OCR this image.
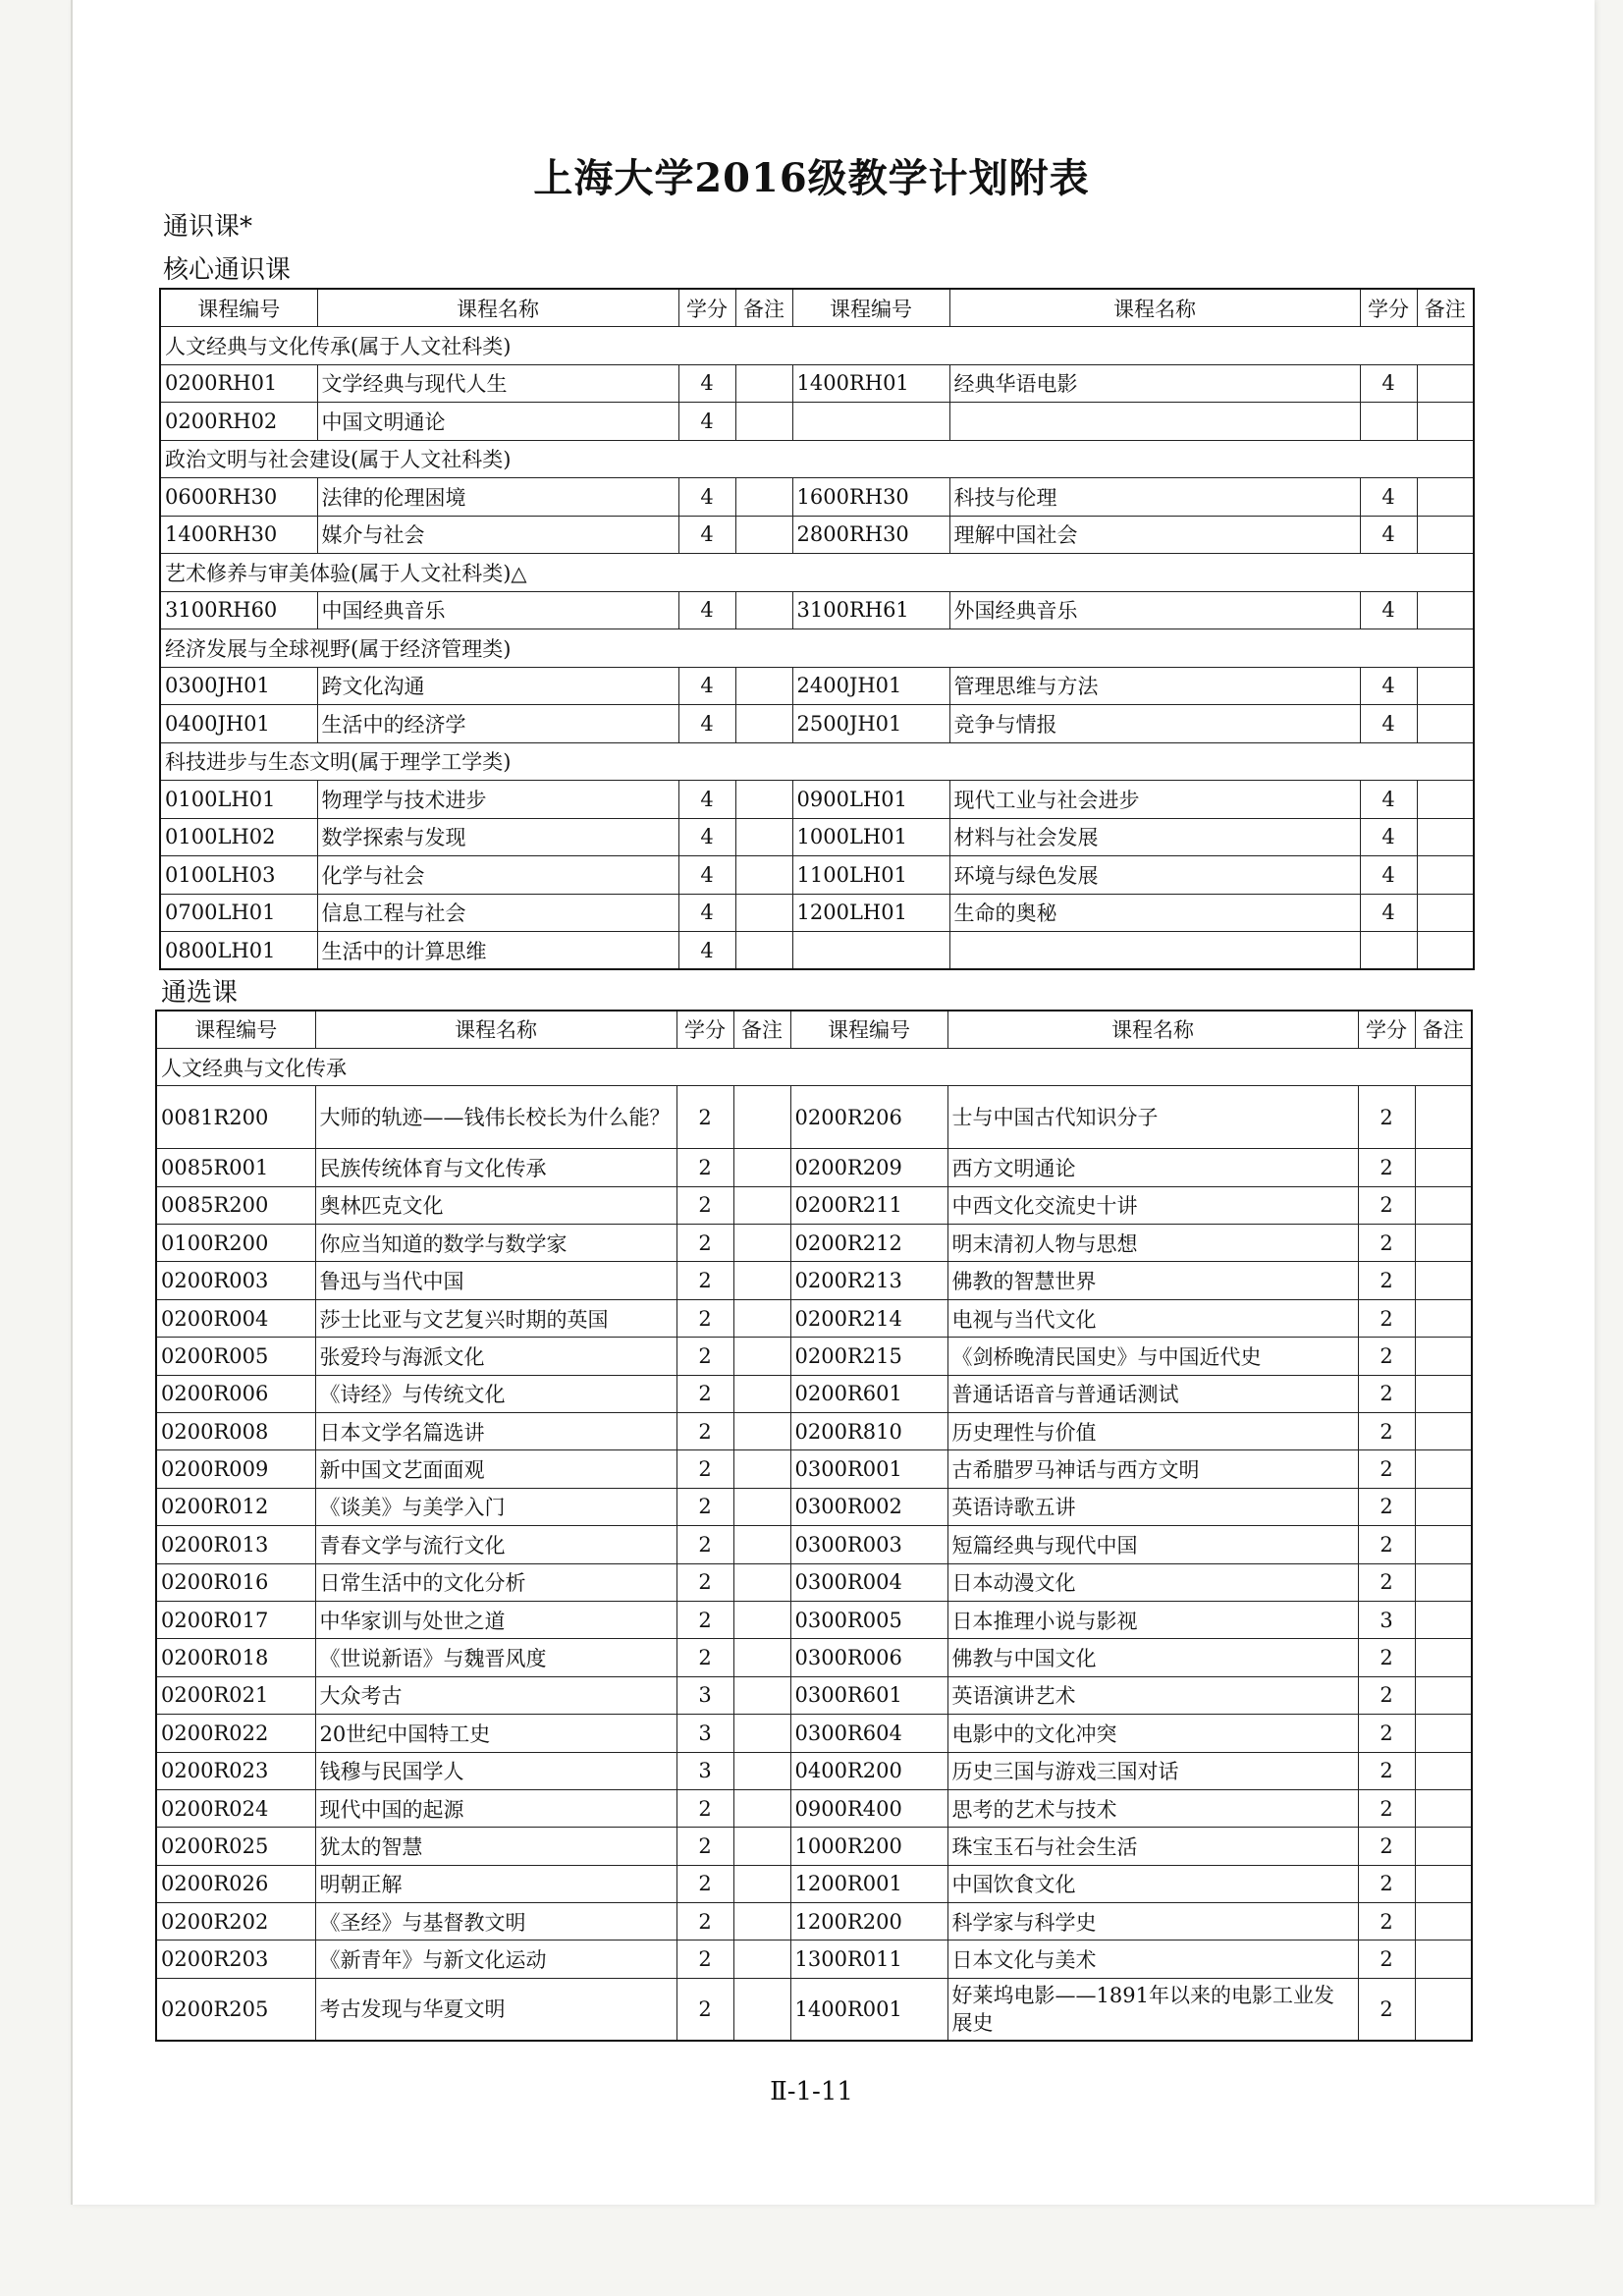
上海大学2016级教学计划附表
通识课*
核心通识课
课程编号	课程名称	学分	备注	课程编号	课程名称	学分	备注
人文经典与文化传承(属于人文社科类)							
0200RH01	文学经典与现代人生	4		1400RH01	经典华语电影	4	
0200RH02	中国文明通论	4					
政治文明与社会建设(属于人文社科类)							
0600RH30	法律的伦理困境	4		1600RH30	科技与伦理	4	
1400RH30	媒介与社会	4		2800RH30	理解中国社会	4	
艺术修养与审美体验(属于人文社科类)△							
3100RH60	中国经典音乐	4		3100RH61	外国经典音乐	4	
经济发展与全球视野(属于经济管理类)							
0300JH01	跨文化沟通	4		2400JH01	管理思维与方法	4	
0400JH01	生活中的经济学	4		2500JH01	竞争与情报	4	
科技进步与生态文明(属于理学工学类)							
0100LH01	物理学与技术进步	4		0900LH01	现代工业与社会进步	4	
0100LH02	数学探索与发现	4		1000LH01	材料与社会发展	4	
0100LH03	化学与社会	4		1100LH01	环境与绿色发展	4	
0700LH01	信息工程与社会	4		1200LH01	生命的奥秘	4	
0800LH01	生活中的计算思维	4					
通选课
课程编号	课程名称	学分	备注	课程编号	课程名称	学分	备注
人文经典与文化传承							
0081R200	大师的轨迹——钱伟长校长为什么能？	2		0200R206	士与中国古代知识分子	2	
0085R001	民族传统体育与文化传承	2		0200R209	西方文明通论	2	
0085R200	奥林匹克文化	2		0200R211	中西文化交流史十讲	2	
0100R200	你应当知道的数学与数学家	2		0200R212	明末清初人物与思想	2	
0200R003	鲁迅与当代中国	2		0200R213	佛教的智慧世界	2	
0200R004	莎士比亚与文艺复兴时期的英国	2		0200R214	电视与当代文化	2	
0200R005	张爱玲与海派文化	2		0200R215	《剑桥晚清民国史》与中国近代史	2	
0200R006	《诗经》与传统文化	2		0200R601	普通话语音与普通话测试	2	
0200R008	日本文学名篇选讲	2		0200R810	历史理性与价值	2	
0200R009	新中国文艺面面观	2		0300R001	古希腊罗马神话与西方文明	2	
0200R012	《谈美》与美学入门	2		0300R002	英语诗歌五讲	2	
0200R013	青春文学与流行文化	2		0300R003	短篇经典与现代中国	2	
0200R016	日常生活中的文化分析	2		0300R004	日本动漫文化	2	
0200R017	中华家训与处世之道	2		0300R005	日本推理小说与影视	3	
0200R018	《世说新语》与魏晋风度	2		0300R006	佛教与中国文化	2	
0200R021	大众考古	3		0300R601	英语演讲艺术	2	
0200R022	20世纪中国特工史	3		0300R604	电影中的文化冲突	2	
0200R023	钱穆与民国学人	3		0400R200	历史三国与游戏三国对话	2	
0200R024	现代中国的起源	2		0900R400	思考的艺术与技术	2	
0200R025	犹太的智慧	2		1000R200	珠宝玉石与社会生活	2	
0200R026	明朝正解	2		1200R001	中国饮食文化	2	
0200R202	《圣经》与基督教文明	2		1200R200	科学家与科学史	2	
0200R203	《新青年》与新文化运动	2		1300R011	日本文化与美术	2	
0200R205	考古发现与华夏文明	2		1400R001	好莱坞电影——1891年以来的电影工业发展史	2	
Ⅱ-1-11
